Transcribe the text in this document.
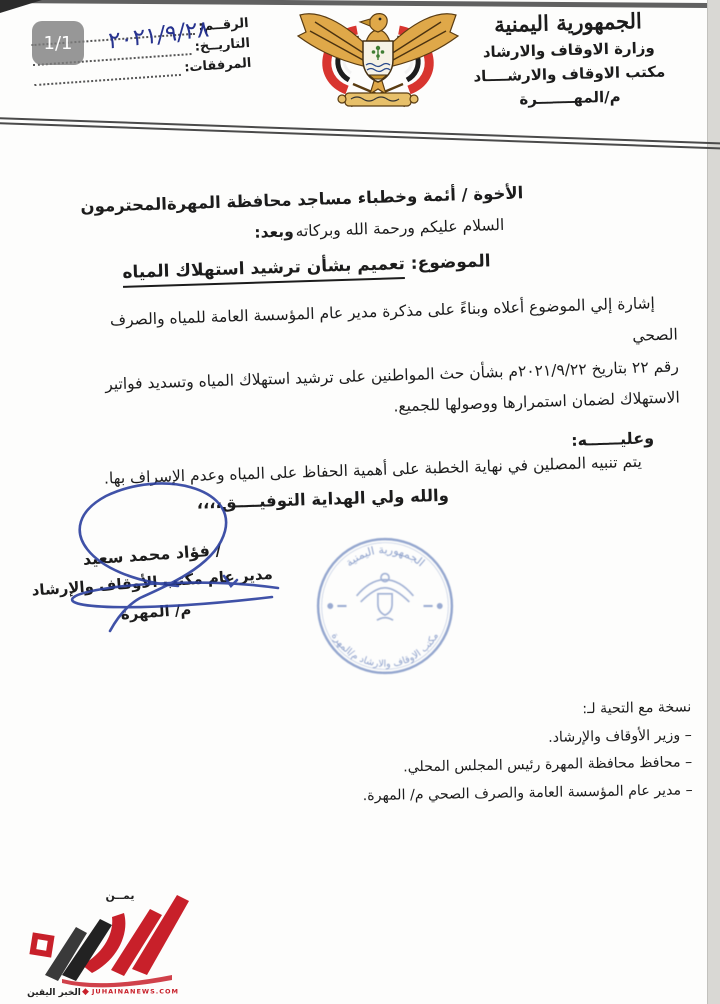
1/1
الرقــم:
التاريــخ:
المرفقات:
٢٠٢١/٩/٢٨	الجمهورية اليمنية
وزارة الاوقاف والارشاد
مكتب الاوقاف والارشــــاد
م/المهـــــــرة
الأخوة / أئمة وخطباء مساجد محافظة المهرة
المحترمون
السلام عليكم ورحمة الله وبركاته
وبعد:
الموضوع: تعميم بشأن ترشيد استهلاك المياه
إشارة إلي الموضوع أعلاه وبناءً على مذكرة مدير عام المؤسسة العامة للمياه والصرف الصحي
رقم ٢٢ بتاريخ ٢٠٢١/٩/٢٢م بشأن حث المواطنين على ترشيد استهلاك المياه وتسديد فواتير
الاستهلاك لضمان استمرارها ووصولها للجميع.
وعليــــــه:
يتم تنبيه المصلين في نهاية الخطبة على أهمية الحفاظ على المياه وعدم الإسراف بها.
والله ولي الهداية التوفيــــق،،،،
/ فؤاد محمد سعيد
مدير عام مكتب الأوقاف والإرشاد
م/ المهرة
الجمهورية اليمنية
مكتب الاوقاف والارشاد م/المهرة
نسخة مع التحية لـ:
– وزير الأوقاف والإرشاد.
– محافظ محافظة المهرة رئيس المجلس المحلي.
– مدير عام المؤسسة العامة والصرف الصحي م/ المهرة.
يمــن
الخبر اليقين ◆ JUHAINANEWS.COM
